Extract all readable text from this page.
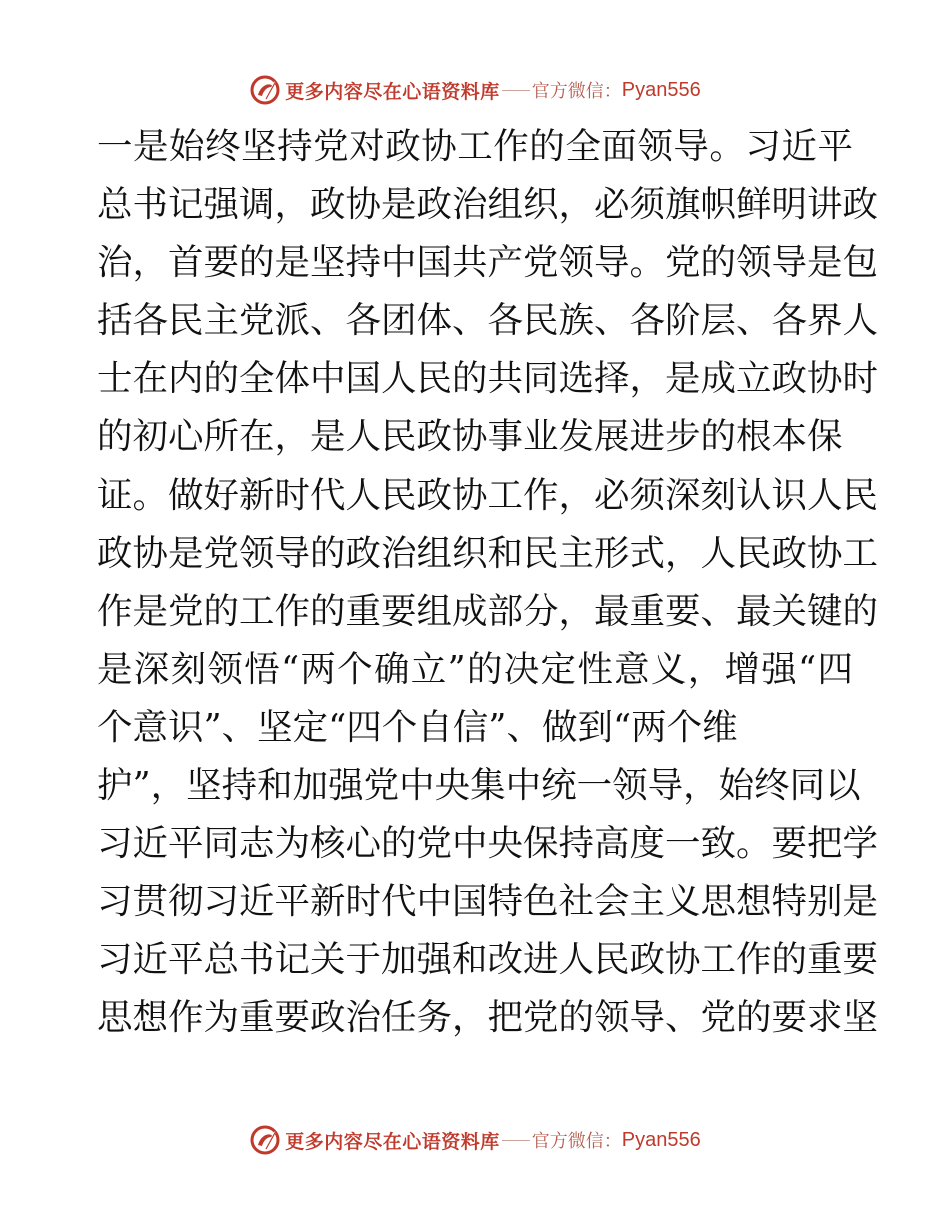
更多内容尽在心语资料库 官方微信： Pyan556
一是始终坚持党对政协工作的全面领导。习近平
总书记强调，政协是政治组织，必须旗帜鲜明讲政
治，首要的是坚持中国共产党领导。党的领导是包
括各民主党派、各团体、各民族、各阶层、各界人
士在内的全体中国人民的共同选择，是成立政协时
的初心所在，是人民政协事业发展进步的根本保
证。做好新时代人民政协工作，必须深刻认识人民
政协是党领导的政治组织和民主形式，人民政协工
作是党的工作的重要组成部分，最重要、最关键的
是深刻领悟“两个确立”的决定性意义，增强“四
个意识”、坚定“四个自信”、做到“两个维
护”，坚持和加强党中央集中统一领导，始终同以
习近平同志为核心的党中央保持高度一致。要把学
习贯彻习近平新时代中国特色社会主义思想特别是
习近平总书记关于加强和改进人民政协工作的重要
思想作为重要政治任务，把党的领导、党的要求坚
更多内容尽在心语资料库 官方微信： Pyan556
